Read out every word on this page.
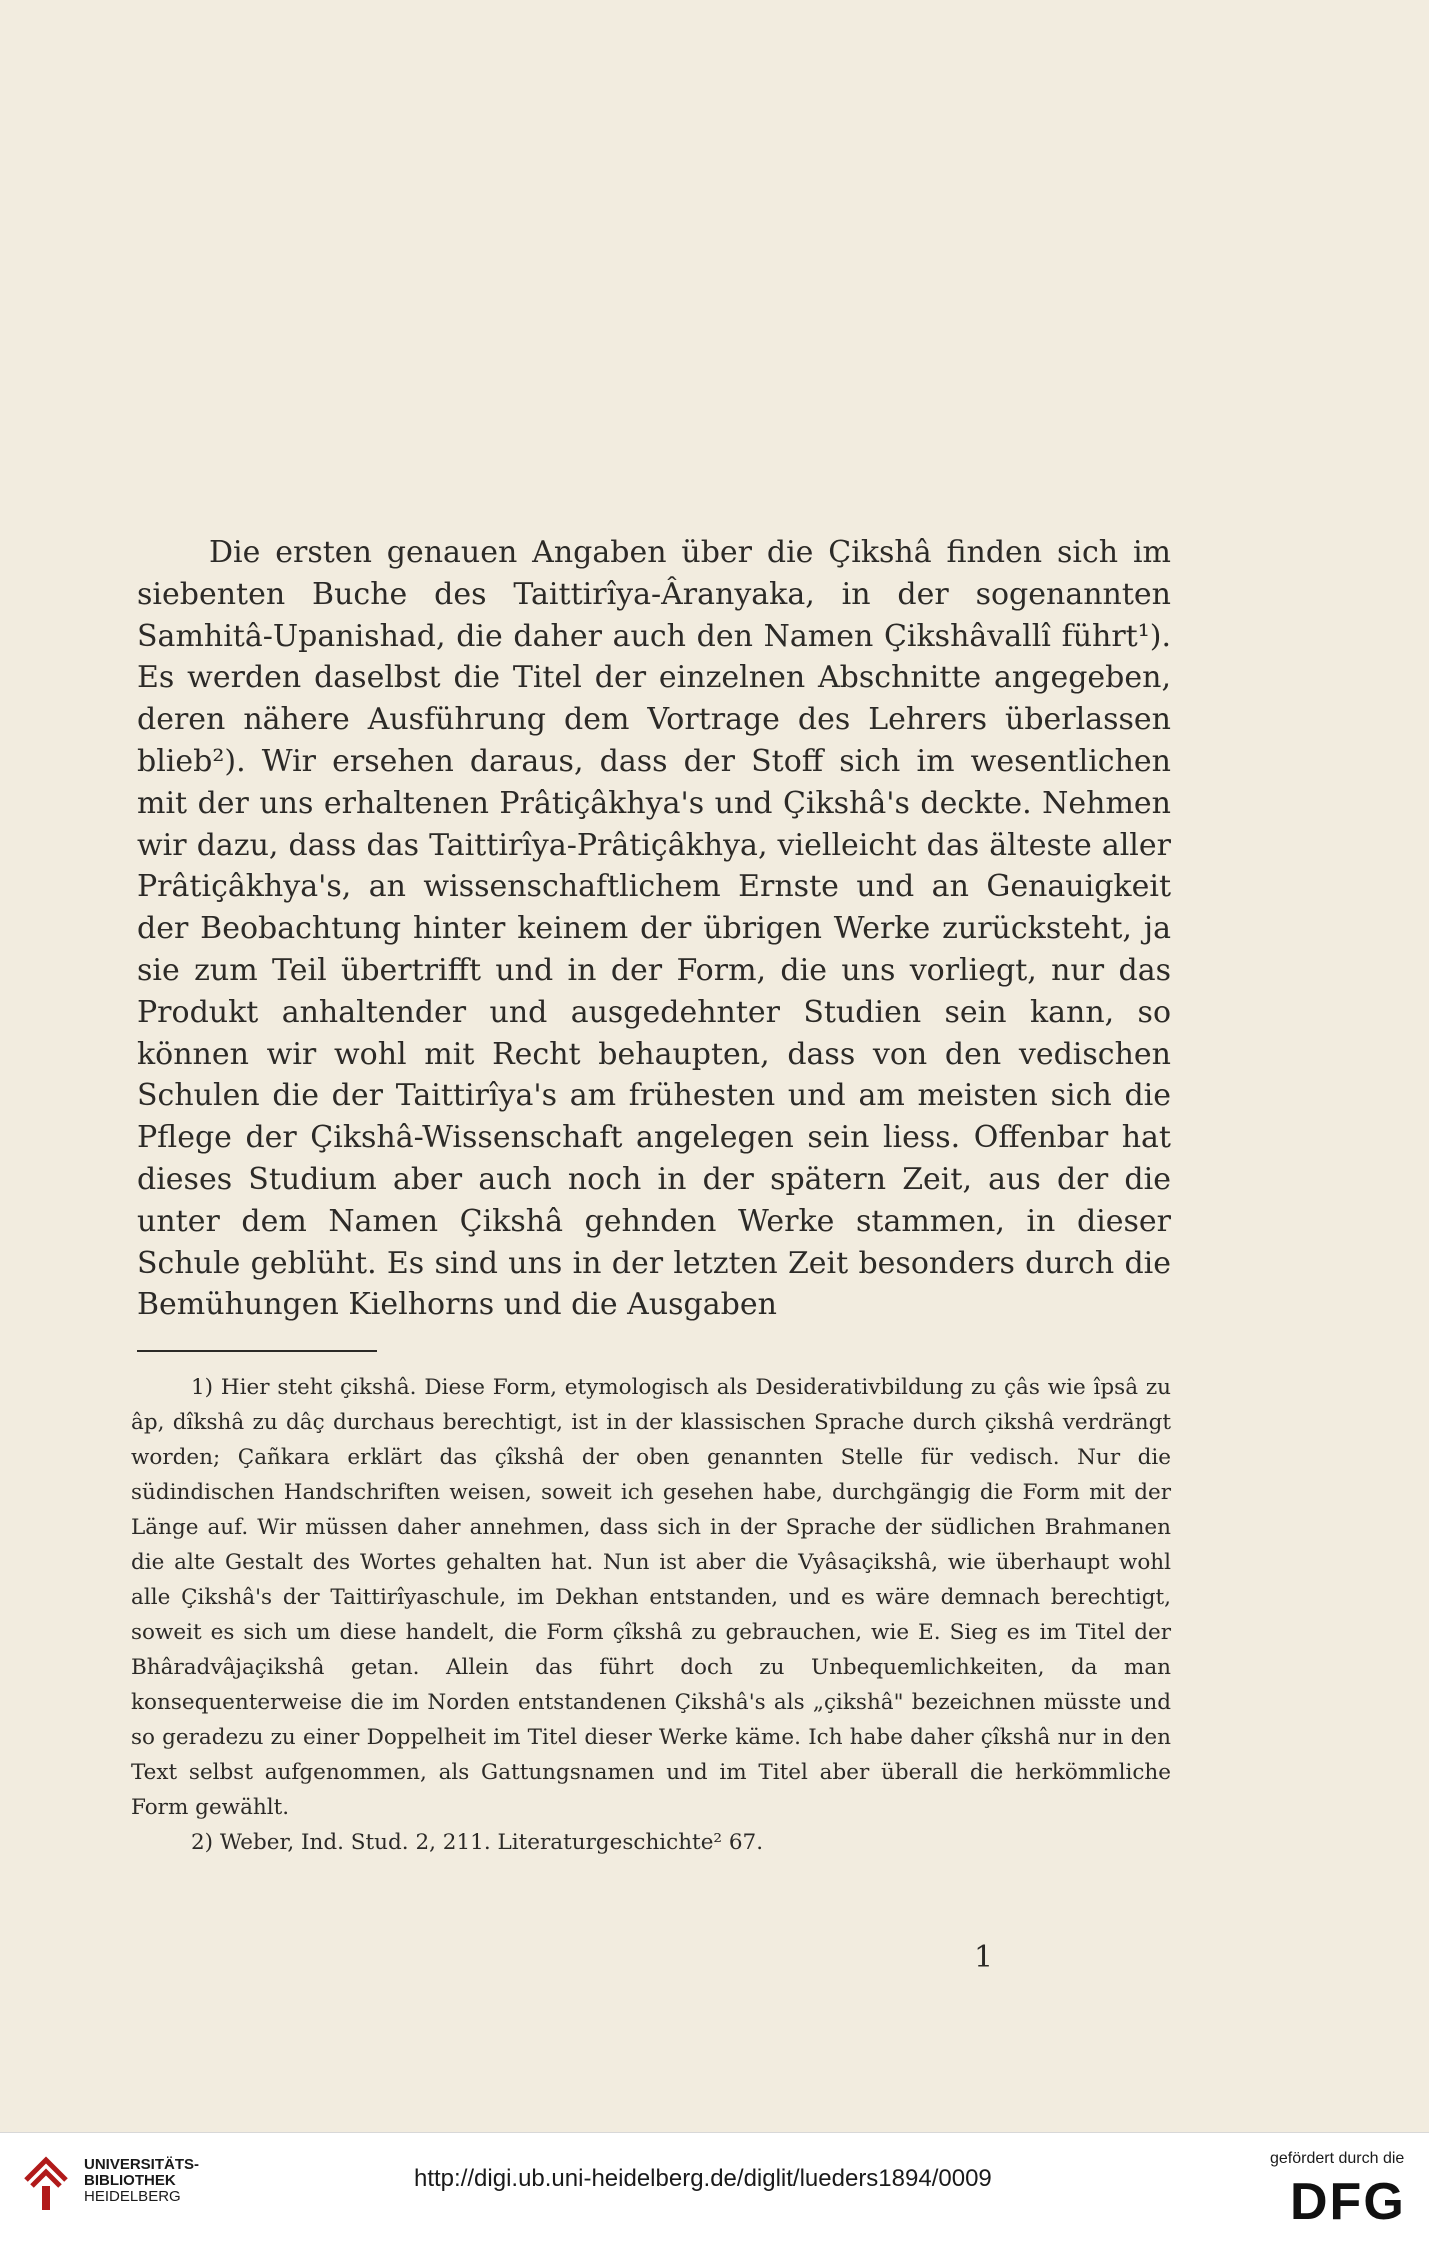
Die ersten genauen Angaben über die Çikshâ finden sich im siebenten Buche des Taittirîya-Âranyaka, in der sogenannten Samhitâ-Upanishad, die daher auch den Namen Çikshâvallî führt¹). Es werden daselbst die Titel der einzelnen Abschnitte angegeben, deren nähere Ausführung dem Vortrage des Lehrers überlassen blieb²). Wir ersehen daraus, dass der Stoff sich im wesentlichen mit der uns erhaltenen Prâtiçâkhya's und Çikshâ's deckte. Nehmen wir dazu, dass das Taittirîya-Prâtiçâkhya, vielleicht das älteste aller Prâtiçâkhya's, an wissenschaftlichem Ernste und an Genauigkeit der Beobachtung hinter keinem der übrigen Werke zurücksteht, ja sie zum Teil übertrifft und in der Form, die uns vorliegt, nur das Produkt anhaltender und ausgedehnter Studien sein kann, so können wir wohl mit Recht behaupten, dass von den vedischen Schulen die der Taittirîya's am frühesten und am meisten sich die Pflege der Çikshâ-Wissenschaft angelegen sein liess. Offenbar hat dieses Studium aber auch noch in der spätern Zeit, aus der die unter dem Namen Çikshâ gehnden Werke stammen, in dieser Schule geblüht. Es sind uns in der letzten Zeit besonders durch die Bemühungen Kielhorns und die Ausgaben

1) Hier steht çikshâ. Diese Form, etymologisch als Desiderativbildung zu çâs wie îpsâ zu âp, dîkshâ zu dâç durchaus berechtigt, ist in der klassischen Sprache durch çikshâ verdrängt worden; Çañkara erklärt das çîkshâ der oben genannten Stelle für vedisch. Nur die südindischen Handschriften weisen, soweit ich gesehen habe, durchgängig die Form mit der Länge auf. Wir müssen daher annehmen, dass sich in der Sprache der südlichen Brahmanen die alte Gestalt des Wortes gehalten hat. Nun ist aber die Vyâsaçikshâ, wie überhaupt wohl alle Çikshâ's der Taittirîyaschule, im Dekhan entstanden, und es wäre demnach berechtigt, soweit es sich um diese handelt, die Form çîkshâ zu gebrauchen, wie E. Sieg es im Titel der Bhâradvâjaçikshâ getan. Allein das führt doch zu Unbequemlichkeiten, da man konsequenterweise die im Norden entstandenen Çikshâ's als „çikshâ" bezeichnen müsste und so geradezu zu einer Doppelheit im Titel dieser Werke käme. Ich habe daher çîkshâ nur in den Text selbst aufgenommen, als Gattungsnamen und im Titel aber überall die herkömmliche Form gewählt.

2) Weber, Ind. Stud. 2, 211. Literaturgeschichte² 67.

1
UNIVERSITÄTS-
BIBLIOTHEK
HEIDELBERG
http://digi.ub.uni-heidelberg.de/diglit/lueders1894/0009
gefördert durch die
DFG
